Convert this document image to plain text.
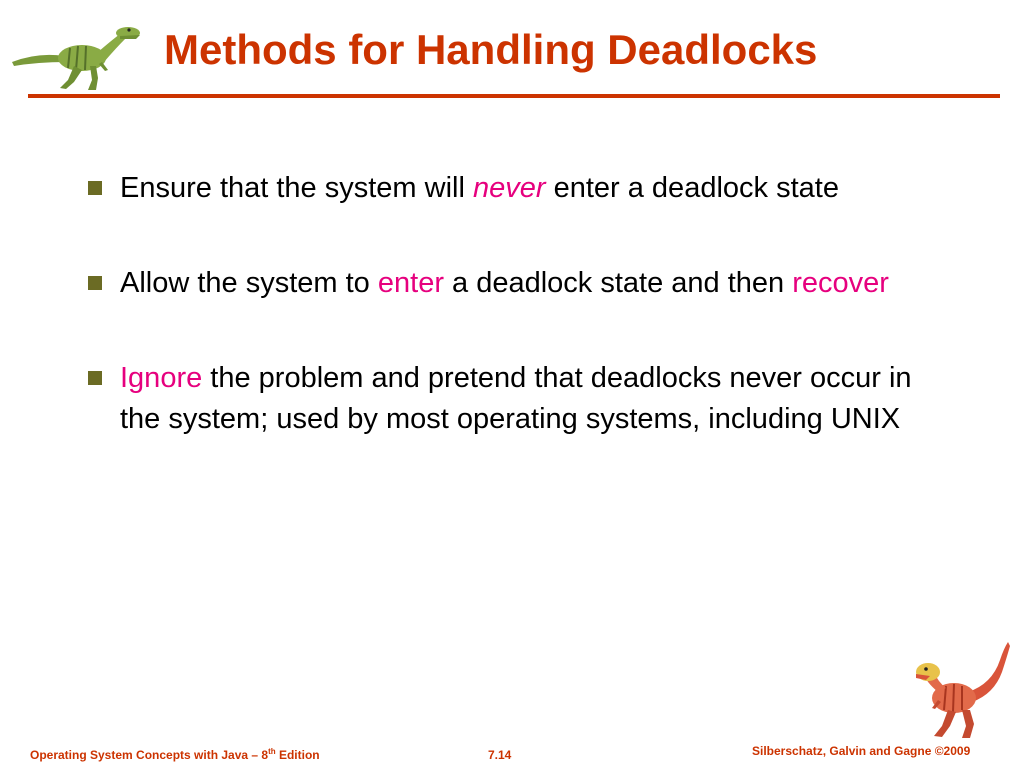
Methods for Handling Deadlocks
Ensure that the system will never enter a deadlock state
Allow the system to enter a deadlock state and then recover
Ignore the problem and pretend that deadlocks never occur in the system; used by most operating systems, including UNIX
Operating System Concepts with Java – 8th Edition	7.14	Silberschatz, Galvin and Gagne ©2009
